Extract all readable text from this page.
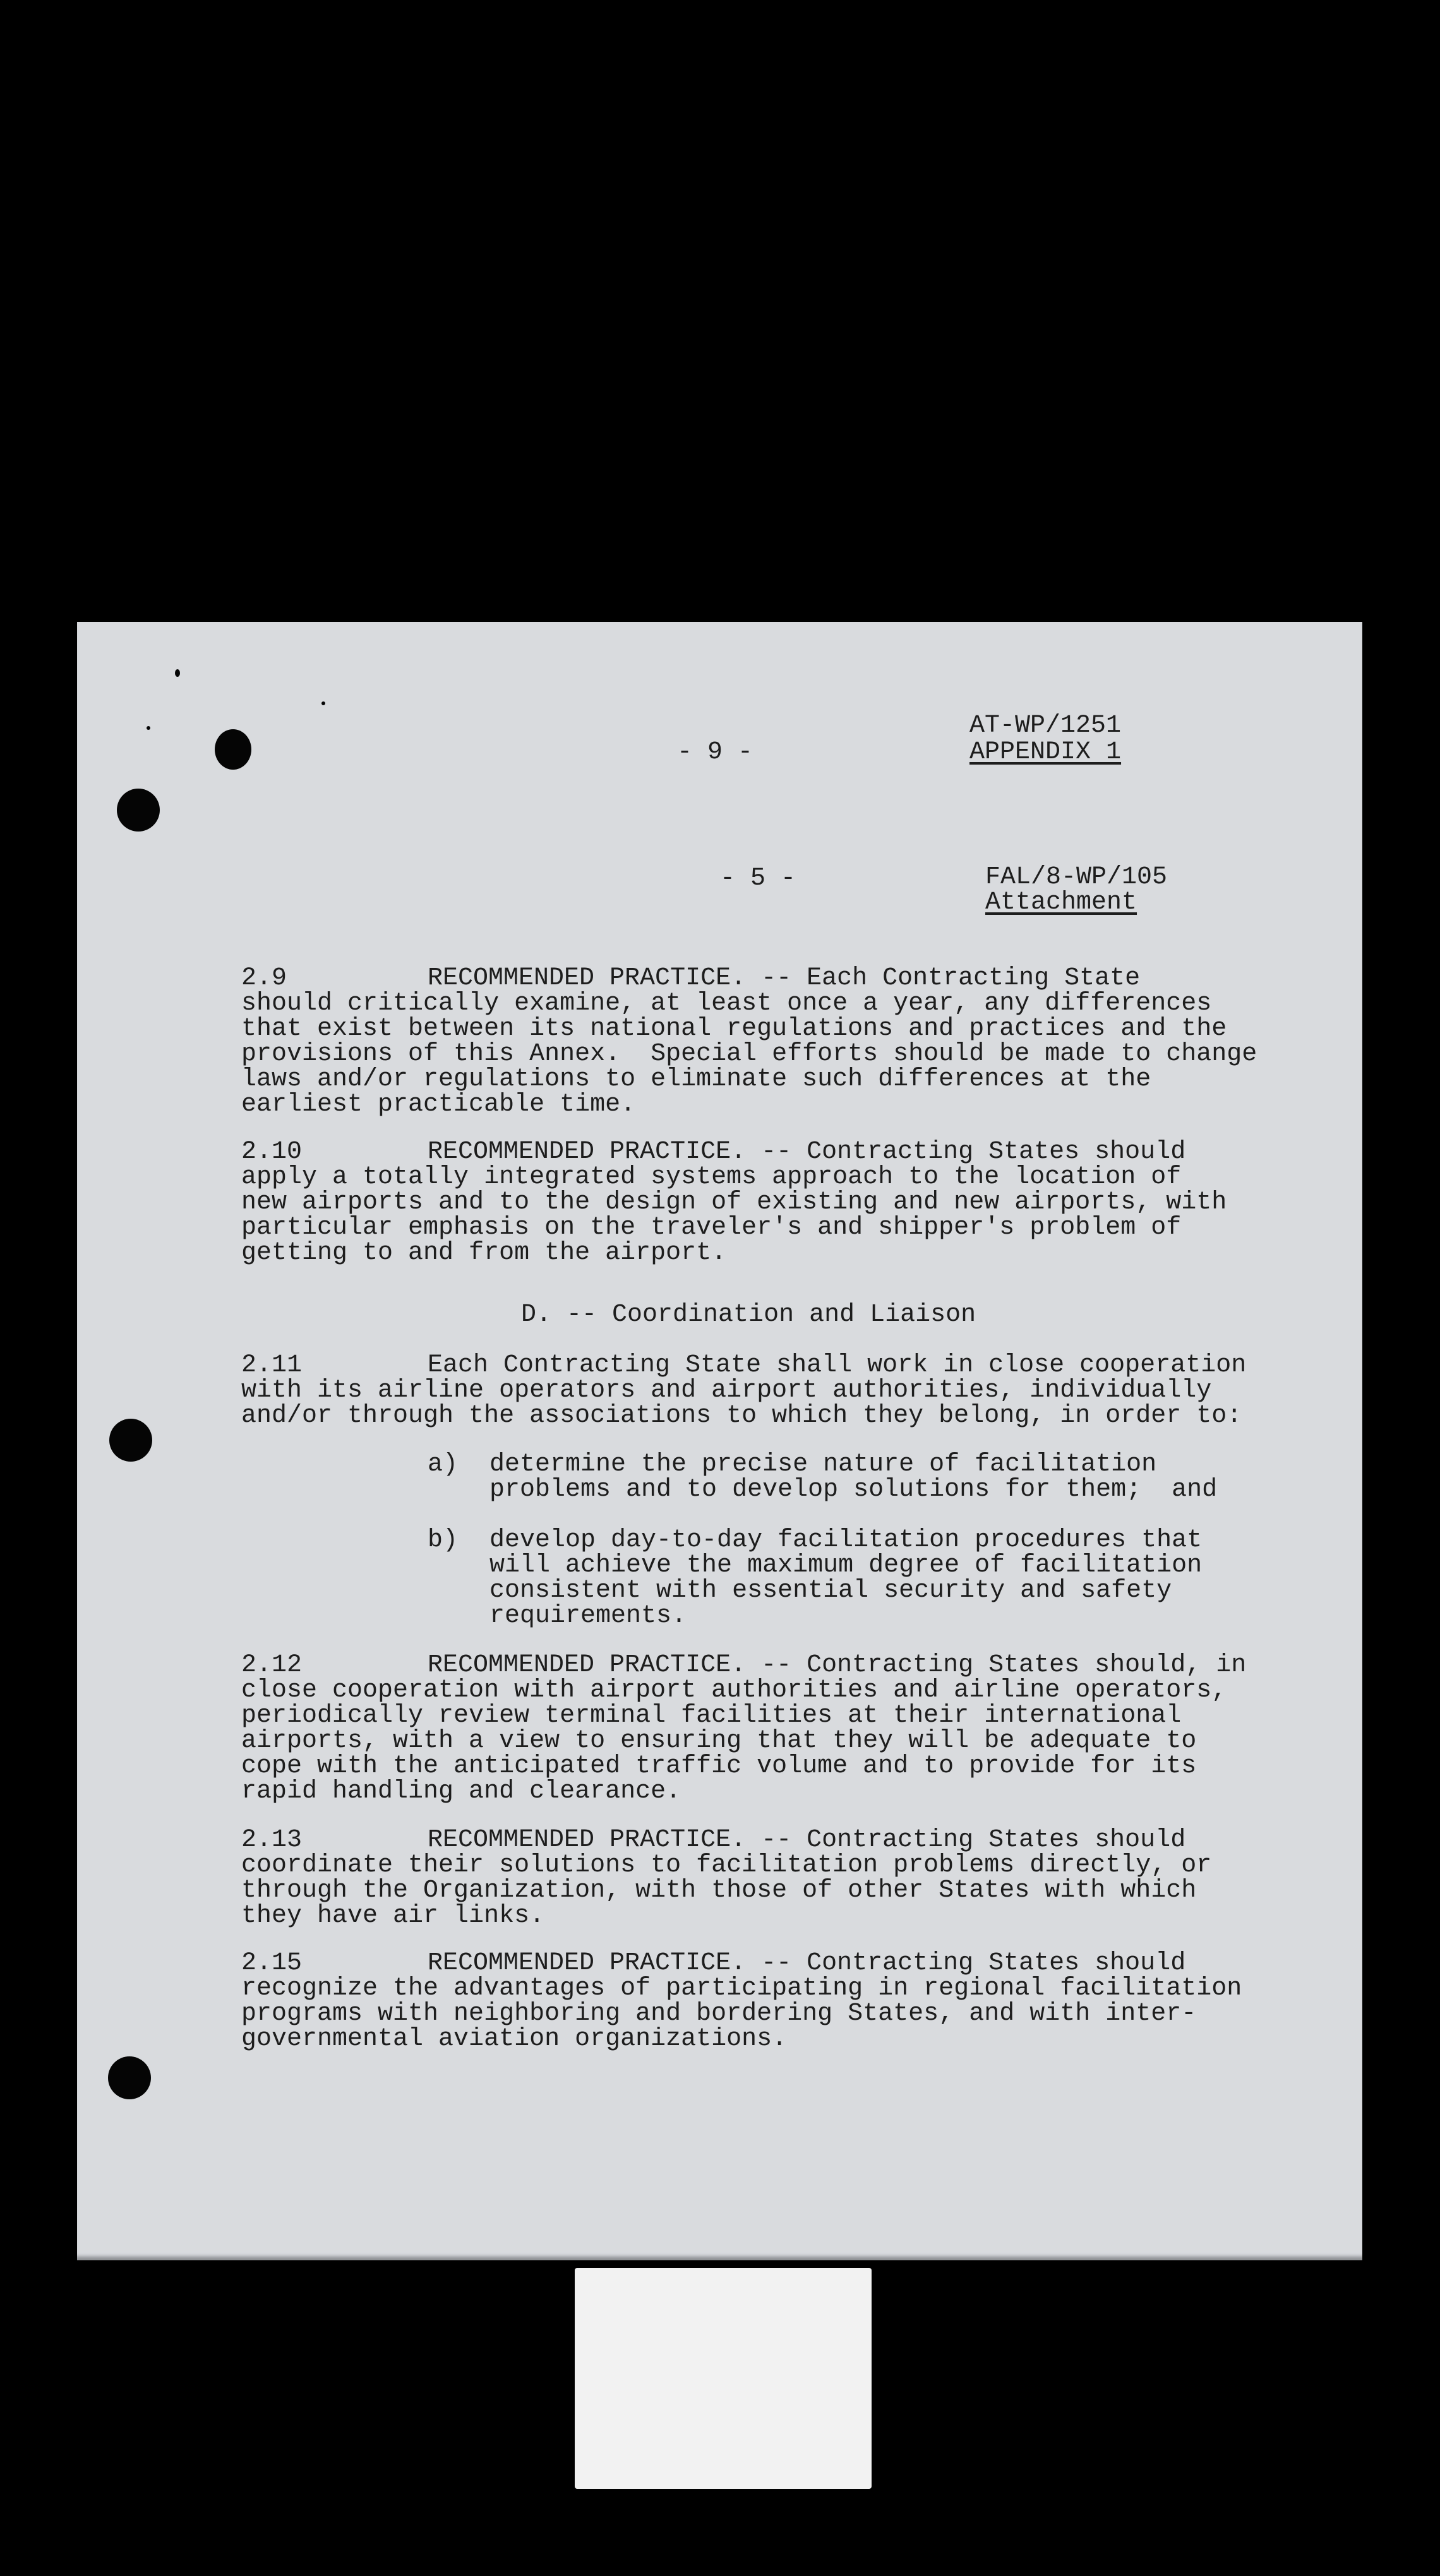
- 9 -
AT-WP/1251
APPENDIX 1
- 5 -	FAL/8-WP/105
Attachment
2.9	RECOMMENDED PRACTICE. -- Each Contracting State
should critically examine, at least once a year, any differences
that exist between its national regulations and practices and the
provisions of this Annex.  Special efforts should be made to change
laws and/or regulations to eliminate such differences at the
earliest practicable time.
2.10	RECOMMENDED PRACTICE. -- Contracting States should
apply a totally integrated systems approach to the location of
new airports and to the design of existing and new airports, with
particular emphasis on the traveler's and shipper's problem of
getting to and from the airport.
D. -- Coordination and Liaison
2.11	Each Contracting State shall work in close cooperation
with its airline operators and airport authorities, individually
and/or through the associations to which they belong, in order to:
a) determine the precise nature of facilitation
problems and to develop solutions for them;  and
b) develop day-to-day facilitation procedures that
will achieve the maximum degree of facilitation
consistent with essential security and safety
requirements.
2.12	RECOMMENDED PRACTICE. -- Contracting States should, in
close cooperation with airport authorities and airline operators,
periodically review terminal facilities at their international
airports, with a view to ensuring that they will be adequate to
cope with the anticipated traffic volume and to provide for its
rapid handling and clearance.
2.13	RECOMMENDED PRACTICE. -- Contracting States should
coordinate their solutions to facilitation problems directly, or
through the Organization, with those of other States with which
they have air links.
2.15	RECOMMENDED PRACTICE. -- Contracting States should
recognize the advantages of participating in regional facilitation
programs with neighboring and bordering States, and with inter-
governmental aviation organizations.
